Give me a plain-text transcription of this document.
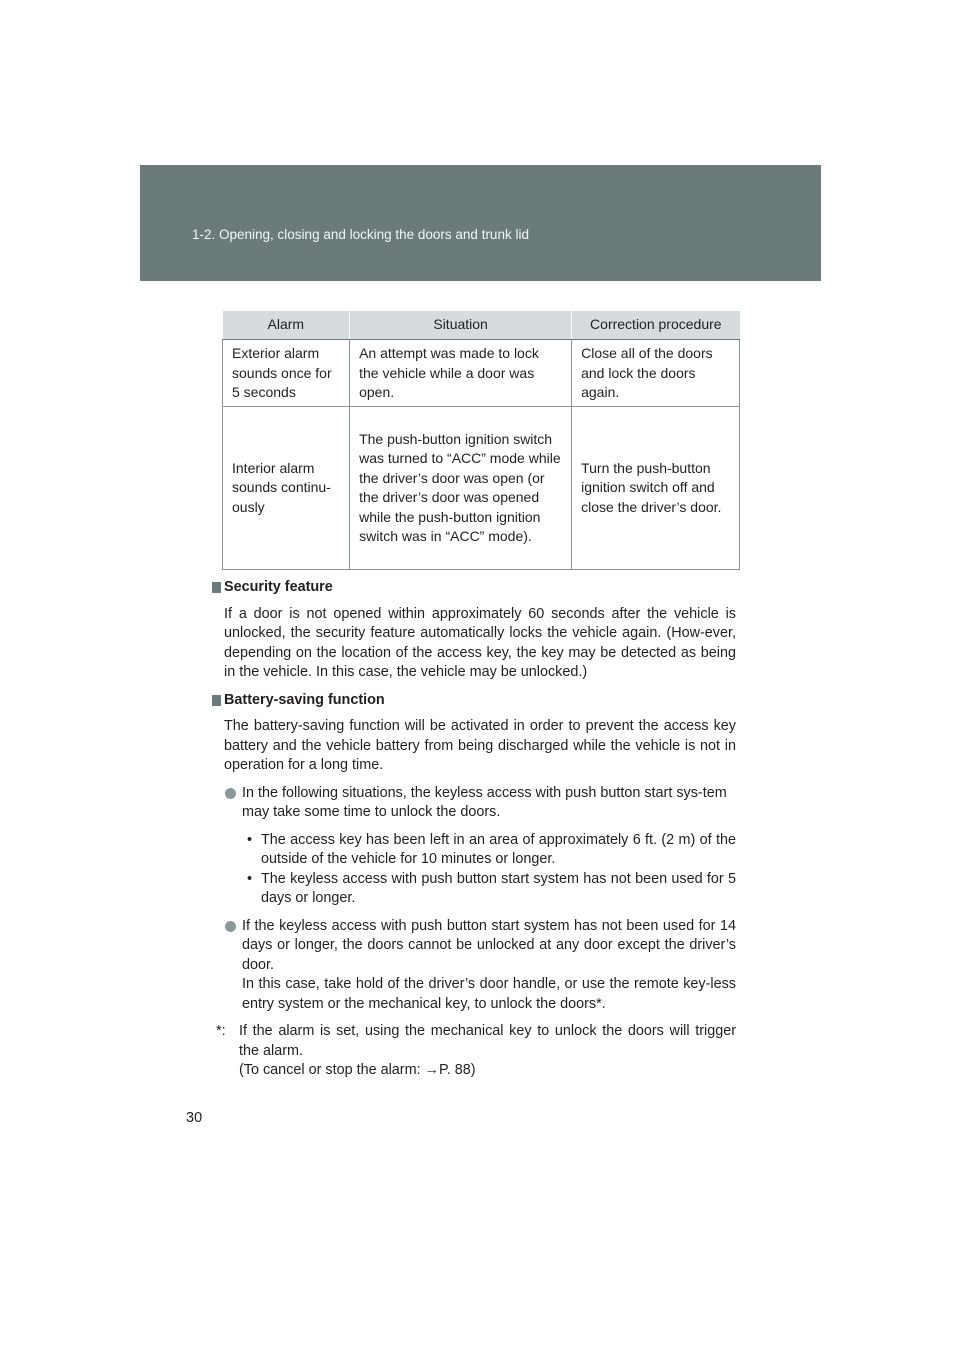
1-2. Opening, closing and locking the doors and trunk lid
Alarm	Situation	Correction procedure
Exterior alarm sounds once for 5 seconds	An attempt was made to lock the vehicle while a door was open.	Close all of the doors and lock the doors again.
Interior alarm sounds continu-ously	The push-button ignition switch was turned to “ACC” mode while the driver’s door was open (or the driver’s door was opened while the push-button ignition switch was in “ACC” mode).	Turn the push-button ignition switch off and close the driver’s door.
Security feature
If a door is not opened within approximately 60 seconds after the vehicle is unlocked, the security feature automatically locks the vehicle again. (How-ever, depending on the location of the access key, the key may be detected as being in the vehicle. In this case, the vehicle may be unlocked.)
Battery-saving function
The battery-saving function will be activated in order to prevent the access key battery and the vehicle battery from being discharged while the vehicle is not in operation for a long time.
In the following situations, the keyless access with push button start sys-tem may take some time to unlock the doors.
• The access key has been left in an area of approximately 6 ft. (2 m) of the outside of the vehicle for 10 minutes or longer.
• The keyless access with push button start system has not been used for 5 days or longer.
If the keyless access with push button start system has not been used for 14 days or longer, the doors cannot be unlocked at any door except the driver’s door.
In this case, take hold of the driver’s door handle, or use the remote key-less entry system or the mechanical key, to unlock the doors*.
*: If the alarm is set, using the mechanical key to unlock the doors will trigger the alarm.
(To cancel or stop the alarm: →P. 88)
30
